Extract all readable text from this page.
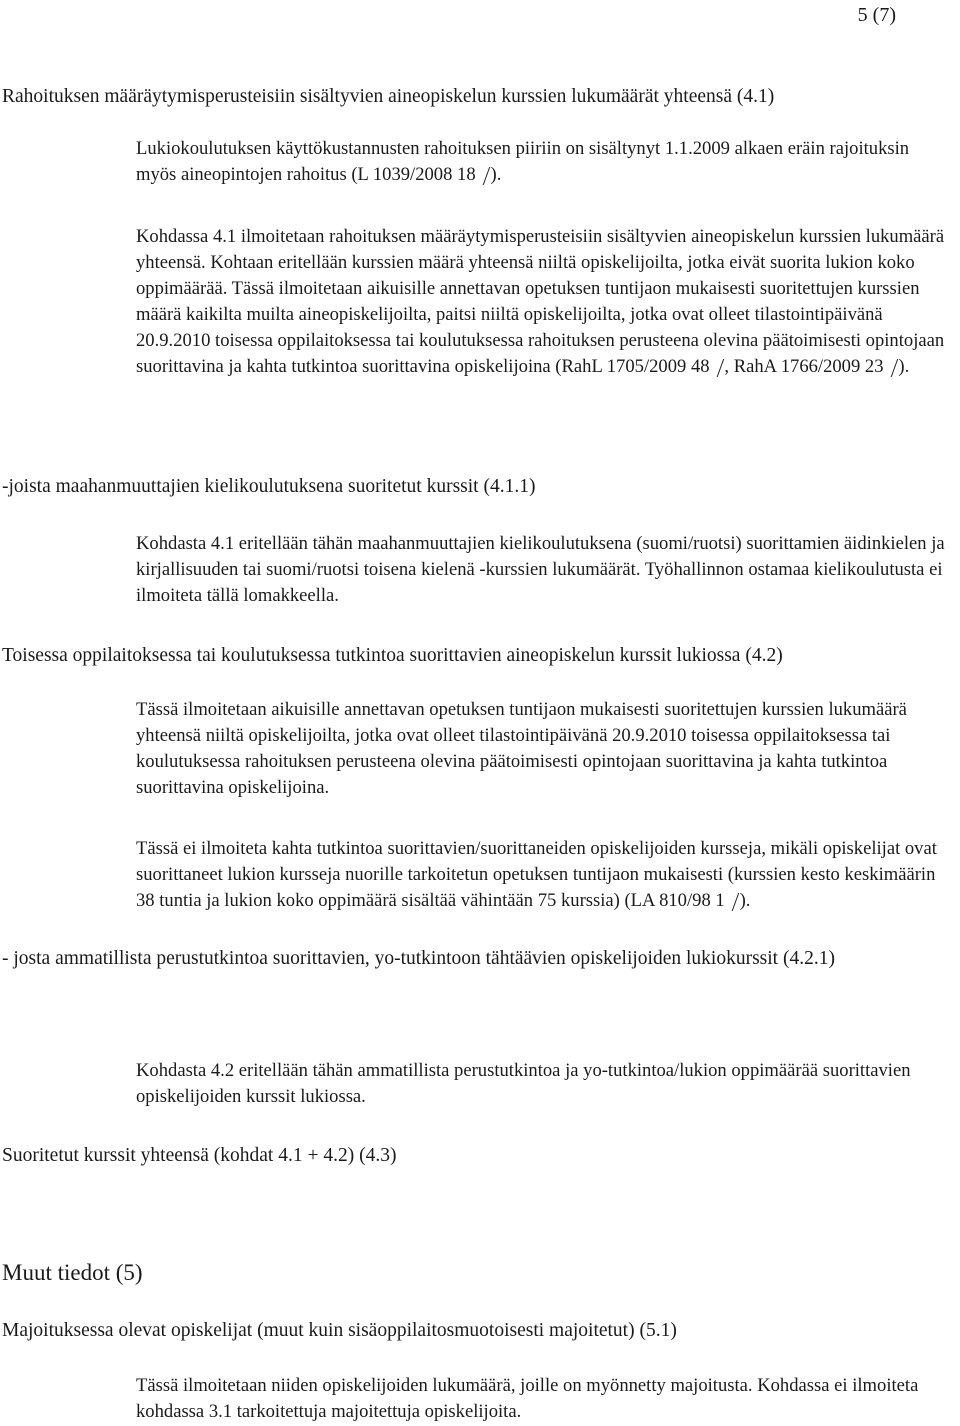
5 (7)

Rahoituksen määräytymisperusteisiin sisältyvien aineopiskelun kurssien lukumäärät yhteensä (4.1)

Lukiokoulutuksen käyttökustannusten rahoituksen piiriin on sisältynyt 1.1.2009 alkaen eräin rajoituksin myös aineopintojen rahoitus (L 1039/2008 18 ).

Kohdassa 4.1 ilmoitetaan rahoituksen määräytymisperusteisiin sisältyvien aineopiskelun kurssien lukumäärä yhteensä. Kohtaan eritellään kurssien määrä yhteensä niiltä opiskelijoilta, jotka eivät suorita lukion koko oppimäärää. Tässä ilmoitetaan aikuisille annettavan opetuksen tuntijaon mukaisesti suoritettujen kurssien määrä kaikilta muilta aineopiskelijoilta, paitsi niiltä opiskelijoilta, jotka ovat olleet tilastointipäivänä 20.9.2010 toisessa oppilaitoksessa tai koulutuksessa rahoituksen perusteena olevina päätoimisesti opintojaan suorittavina ja kahta tutkintoa suorittavina opiskelijoina (RahL 1705/2009 48 , RahA 1766/2009 23 ).

-joista maahanmuuttajien kielikoulutuksena suoritetut kurssit (4.1.1)

Kohdasta 4.1 eritellään tähän maahanmuuttajien kielikoulutuksena (suomi/ruotsi) suorittamien äidinkielen ja kirjallisuuden tai suomi/ruotsi toisena kielenä -kurssien lukumäärät. Työhallinnon ostamaa kielikoulutusta ei ilmoiteta tällä lomakkeella.

Toisessa oppilaitoksessa tai koulutuksessa tutkintoa suorittavien aineopiskelun kurssit lukiossa (4.2)

Tässä ilmoitetaan aikuisille annettavan opetuksen tuntijaon mukaisesti suoritettujen kurssien lukumäärä yhteensä niiltä opiskelijoilta, jotka ovat olleet tilastointipäivänä 20.9.2010 toisessa oppilaitoksessa tai koulutuksessa rahoituksen perusteena olevina päätoimisesti opintojaan suorittavina ja kahta tutkintoa suorittavina opiskelijoina.

Tässä ei ilmoiteta kahta tutkintoa suorittavien/suorittaneiden opiskelijoiden kursseja, mikäli opiskelijat ovat suorittaneet lukion kursseja nuorille tarkoitetun opetuksen tuntijaon mukaisesti (kurssien kesto keskimäärin 38 tuntia ja lukion koko oppimäärä sisältää vähintään 75 kurssia) (LA 810/98 1 ).

- josta ammatillista perustutkintoa suorittavien, yo-tutkintoon tähtäävien opiskelijoiden lukiokurssit (4.2.1)

Kohdasta 4.2 eritellään tähän ammatillista perustutkintoa ja yo-tutkintoa/lukion oppimäärää suorittavien opiskelijoiden kurssit lukiossa.

Suoritetut kurssit yhteensä (kohdat 4.1 + 4.2) (4.3)

Muut tiedot (5)

Majoituksessa olevat opiskelijat (muut kuin sisäoppilaitosmuotoisesti majoitetut) (5.1)

Tässä ilmoitetaan niiden opiskelijoiden lukumäärä, joille on myönnetty majoitusta. Kohdassa ei ilmoiteta kohdassa 3.1 tarkoitettuja majoitettuja opiskelijoita.
